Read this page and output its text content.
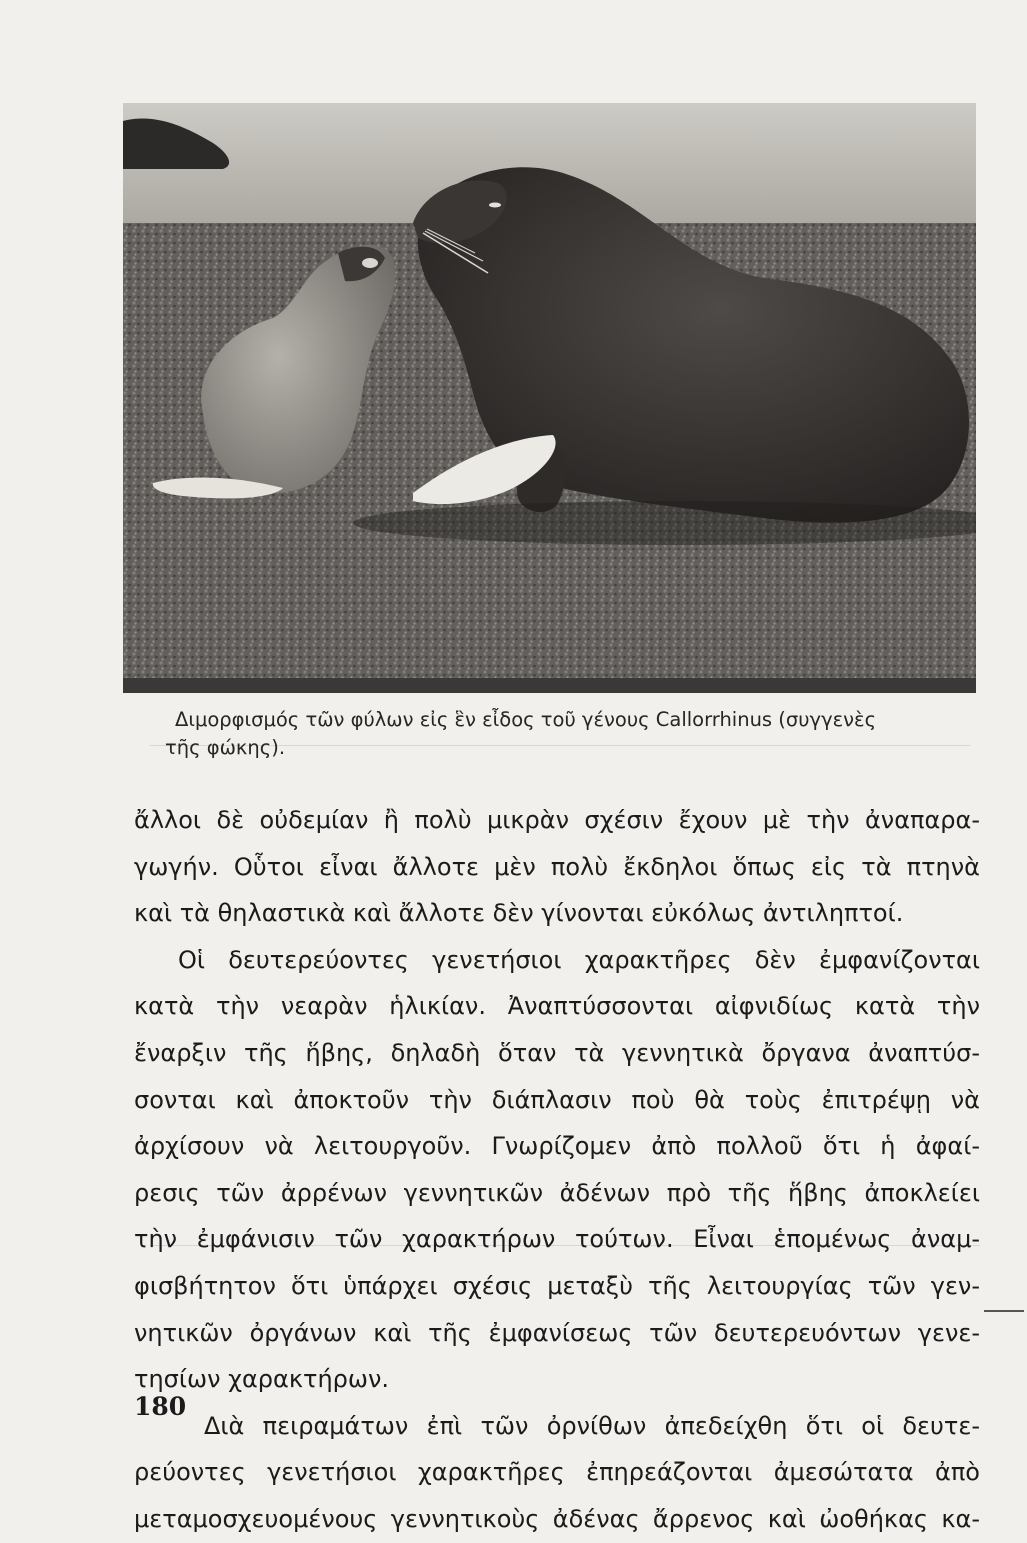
Διμορφισμός τῶν φύλων εἰς ἓν εἶδος τοῦ γένους Callorrhinus (συγγενὲς
τῆς φώκης).

ἄλλοι δὲ οὐδεμίαν ἢ πολὺ μικρὰν σχέσιν ἔχουν μὲ τὴν ἀναπαρα-
γωγήν. Οὗτοι εἶναι ἄλλοτε μὲν πολὺ ἔκδηλοι ὅπως εἰς τὰ πτηνὰ
καὶ τὰ θηλαστικὰ καὶ ἄλλοτε δὲν γίνονται εὐκόλως ἀντιληπτοί.
Οἱ δευτερεύοντες γενετήσιοι χαρακτῆρες δὲν ἐμφανίζονται
κατὰ τὴν νεαρὰν ἡλικίαν. Ἀναπτύσσονται αἰφνιδίως κατὰ τὴν
ἔναρξιν τῆς ἥβης, δηλαδὴ ὅταν τὰ γεννητικὰ ὄργανα ἀναπτύσ-
σονται καὶ ἀποκτοῦν τὴν διάπλασιν ποὺ θὰ τοὺς ἐπιτρέψῃ νὰ
ἀρχίσουν νὰ λειτουργοῦν. Γνωρίζομεν ἀπὸ πολλοῦ ὅτι ἡ ἀφαί-
ρεσις τῶν ἀρρένων γεννητικῶν ἀδένων πρὸ τῆς ἥβης ἀποκλείει
τὴν ἐμφάνισιν τῶν χαρακτήρων τούτων. Εἶναι ἑπομένως ἀναμ-
φισβήτητον ὅτι ὑπάρχει σχέσις μεταξὺ τῆς λειτουργίας τῶν γεν-
νητικῶν ὀργάνων καὶ τῆς ἐμφανίσεως τῶν δευτερευόντων γενε-
τησίων χαρακτήρων.
Διὰ πειραμάτων ἐπὶ τῶν ὀρνίθων ἀπεδείχθη ὅτι οἱ δευτε-
ρεύοντες γενετήσιοι χαρακτῆρες ἐπηρεάζονται ἀμεσώτατα ἀπὸ
μεταμοσχευομένους γεννητικοὺς ἀδένας ἄρρενος καὶ ὠοθήκας κα-
180
